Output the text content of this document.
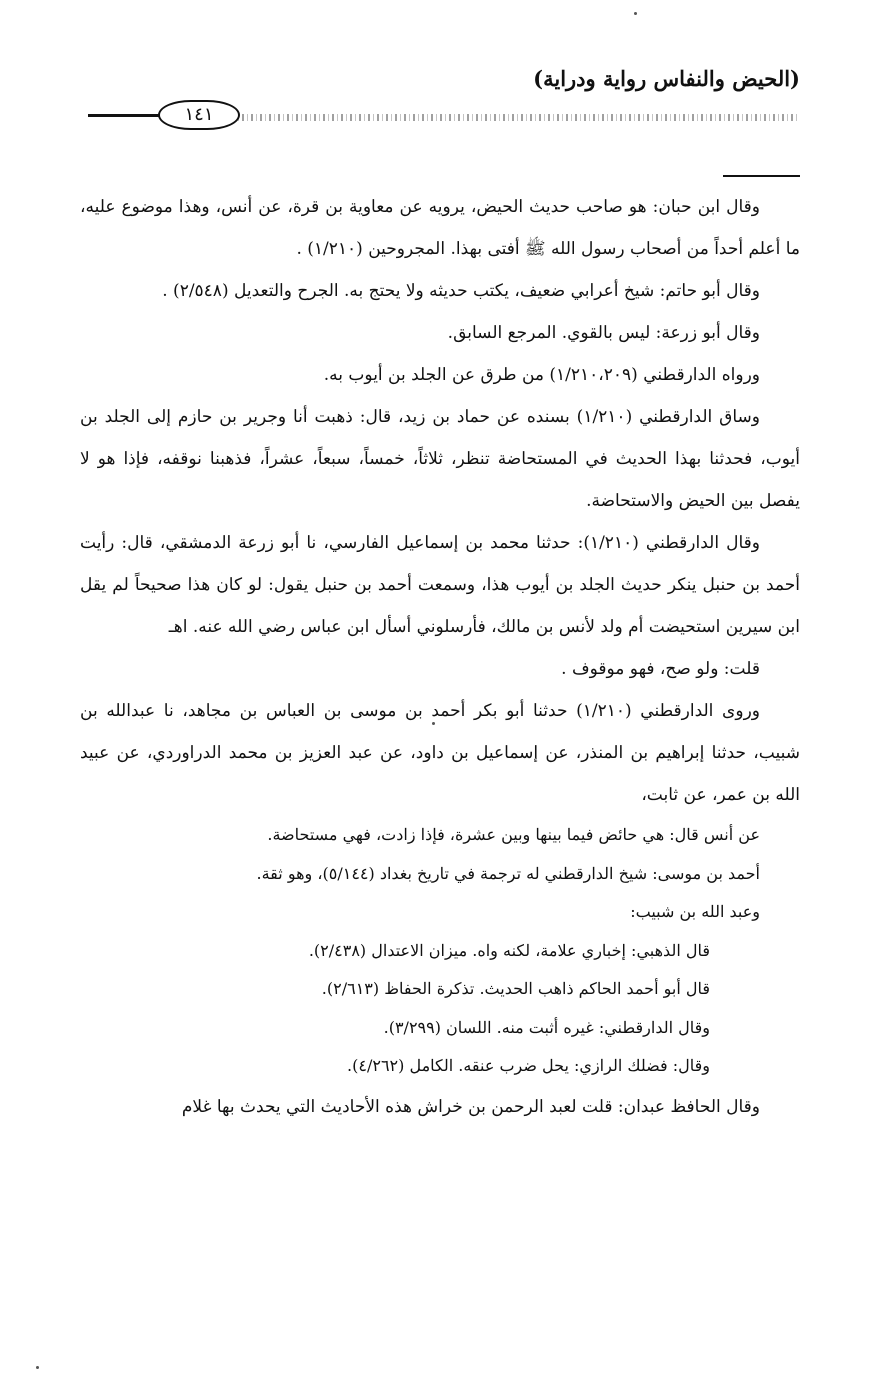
(الحيض والنفاس رواية ودراية)
١٤١

وقال ابن حبان: هو صاحب حديث الحيض، يرويه عن معاوية بن قرة، عن أنس، وهذا موضوع عليه، ما أعلم أحداً من أصحاب رسول الله ﷺ أفتى بهذا. المجروحين (١/٢١٠) .

وقال أبو حاتم: شيخ أعرابي ضعيف، يكتب حديثه ولا يحتج به. الجرح والتعديل (٢/٥٤٨) .

وقال أبو زرعة: ليس بالقوي. المرجع السابق.

ورواه الدارقطني (١/٢١٠،٢٠٩) من طرق عن الجلد بن أيوب به.

وساق الدارقطني (١/٢١٠) بسنده عن حماد بن زيد، قال: ذهبت أنا وجرير بن حازم إلى الجلد بن أيوب، فحدثنا بهذا الحديث في المستحاضة تنظر، ثلاثاً، خمساً، سبعاً، عشراً، فذهبنا نوقفه، فإذا هو لا يفصل بين الحيض والاستحاضة.

وقال الدارقطني (١/٢١٠): حدثنا محمد بن إسماعيل الفارسي، نا أبو زرعة الدمشقي، قال: رأيت أحمد بن حنبل ينكر حديث الجلد بن أيوب هذا، وسمعت أحمد بن حنبل يقول: لو كان هذا صحيحاً لم يقل ابن سيرين استحيضت أم ولد لأنس بن مالك، فأرسلوني أسأل ابن عباس رضي الله عنه. اهـ

قلت: ولو صح، فهو موقوف .

وروى الدارقطني (١/٢١٠) حدثنا أبو بكر أحمد بن موسى بن العباس بن مجاهد، نا عبدالله بن شبيب، حدثنا إبراهيم بن المنذر، عن إسماعيل بن داود، عن عبد العزيز بن محمد الدراوردي، عن عبيد الله بن عمر، عن ثابت،

عن أنس قال: هي حائض فيما بينها وبين عشرة، فإذا زادت، فهي مستحاضة.

أحمد بن موسى: شيخ الدارقطني له ترجمة في تاريخ بغداد (٥/١٤٤)، وهو ثقة.

وعبد الله بن شبيب:

قال الذهبي: إخباري علامة، لكنه واه. ميزان الاعتدال (٢/٤٣٨).

قال أبو أحمد الحاكم ذاهب الحديث. تذكرة الحفاظ (٢/٦١٣).

وقال الدارقطني: غيره أثبت منه. اللسان (٣/٢٩٩).

وقال: فضلك الرازي: يحل ضرب عنقه. الكامل (٤/٢٦٢).

وقال الحافظ عبدان: قلت لعبد الرحمن بن خراش هذه الأحاديث التي يحدث بها غلام
